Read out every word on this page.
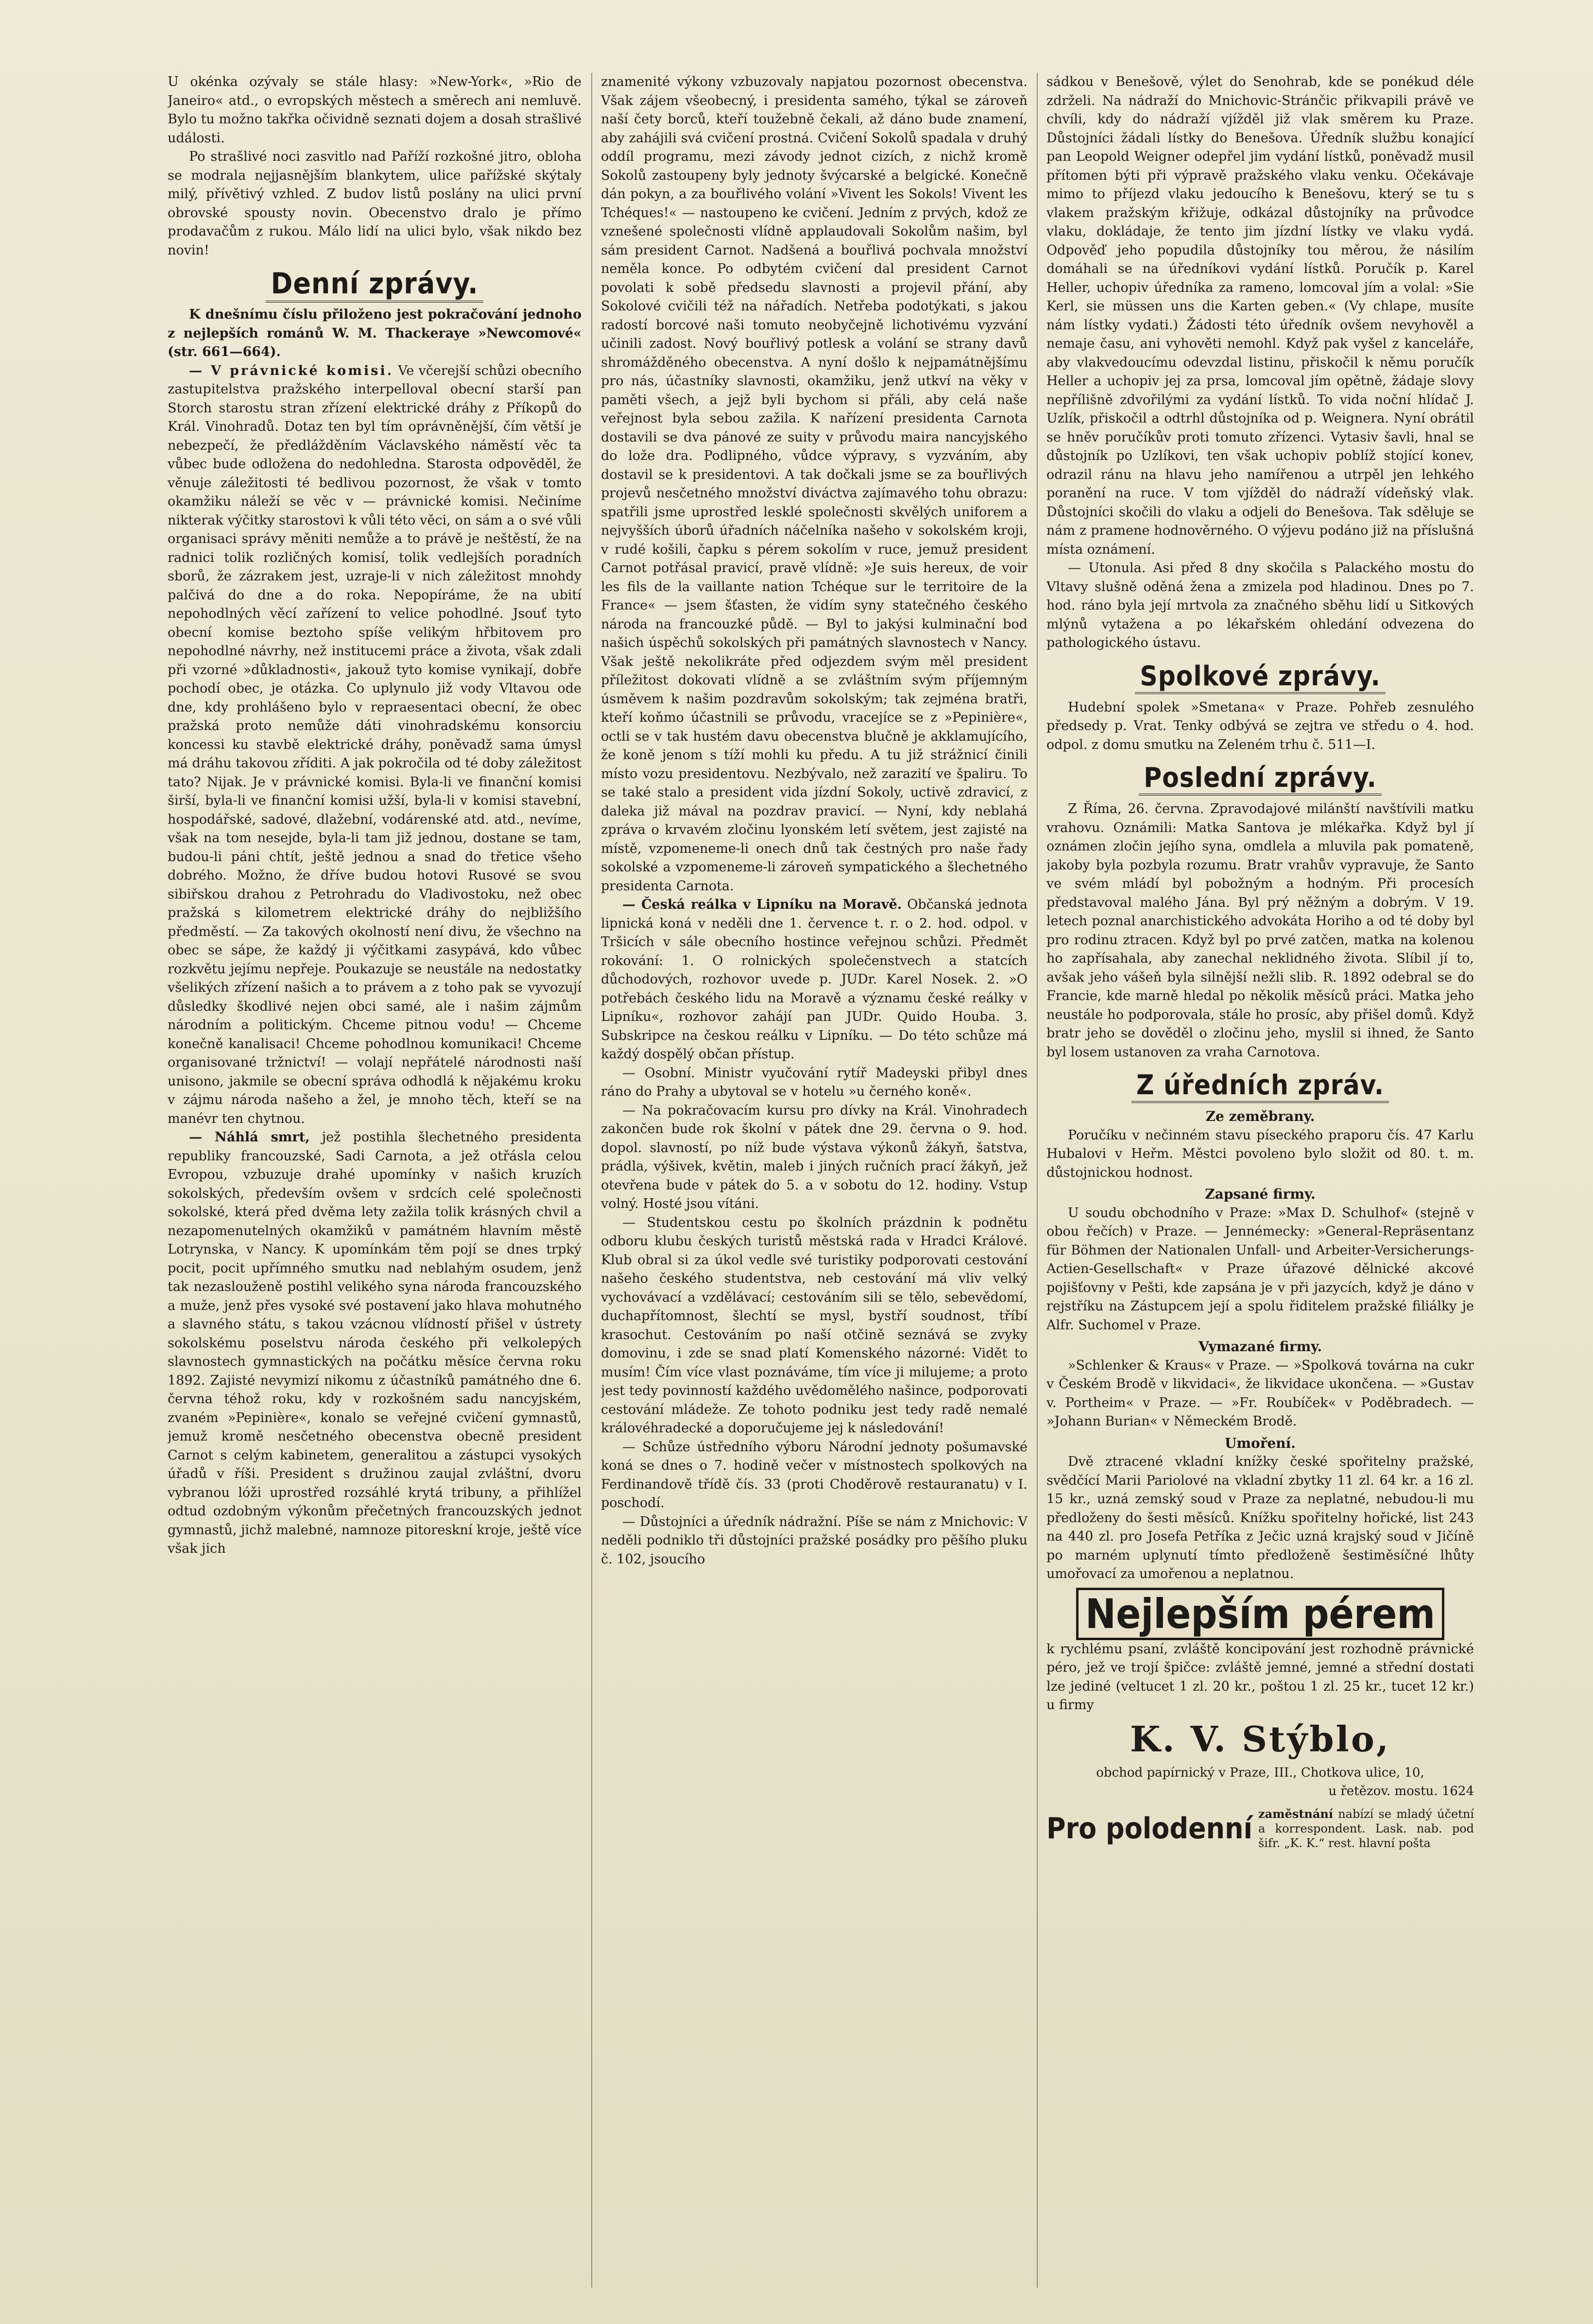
U okénka ozývaly se stále hlasy: »New-York«, »Rio de Janeiro« atd., o evropských městech a směrech ani nemluvě. Bylo tu možno takřka očividně seznati dojem a dosah strašlivé události.

Po strašlivé noci zasvitlo nad Paříží rozkošné jitro, obloha se modrala nejjasnějším blankytem, ulice pařížské skýtaly milý, přívětivý vzhled. Z budov listů poslány na ulici první obrovské spousty novin. Obecenstvo dralo je přímo prodavačům z rukou. Málo lidí na ulici bylo, však nikdo bez novin!

Denní zprávy.

K dnešnímu číslu přiloženo jest pokračování jednoho z nejlepších románů W. M. Thackeraye »Newcomové« (str. 661—664).

— V právnické komisi. Ve včerejší schůzi obecního zastupitelstva pražského interpelloval obecní starší pan Storch starostu stran zřízení elektrické dráhy z Příkopů do Král. Vinohradů. Dotaz ten byl tím oprávněnější, čím větší je nebezpečí, že předlážděním Václavského náměstí věc ta vůbec bude odložena do nedohledna. Starosta odpověděl, že věnuje záležitosti té bedlivou pozornost, že však v tomto okamžiku náleží se věc v — právnické komisi. Nečiníme nikterak výčitky starostovi k vůli této věci, on sám a o své vůli organisaci správy měniti nemůže a to právě je neštěstí, že na radnici tolik rozličných komisí, tolik vedlejších poradních sborů, že zázrakem jest, uzraje-li v nich záležitost mnohdy palčivá do dne a do roka. Nepopíráme, že na ubití nepohodlných věcí zařízení to velice pohodlné. Jsouť tyto obecní komise beztoho spíše velikým hřbitovem pro nepohodlné návrhy, než institucemi práce a života, však zdali při vzorné »důkladnosti«, jakouž tyto komise vynikají, dobře pochodí obec, je otázka. Co uplynulo již vody Vltavou ode dne, kdy prohlášeno bylo v repraesentaci obecní, že obec pražská proto nemůže dáti vinohradskému konsorciu koncessi ku stavbě elektrické dráhy, poněvadž sama úmysl má dráhu takovou zříditi. A jak pokročila od té doby záležitost tato? Nijak. Je v právnické komisi. Byla-li ve finanční komisi širší, byla-li ve finanční komisi užší, byla-li v komisi stavební, hospodářské, sadové, dlažební, vodárenské atd. atd., nevíme, však na tom nesejde, byla-li tam již jednou, dostane se tam, budou-li páni chtít, ještě jednou a snad do třetice všeho dobrého. Možno, že dříve budou hotovi Rusové se svou sibiřskou drahou z Petrohradu do Vladivostoku, než obec pražská s kilometrem elektrické dráhy do nejbližšího předměstí. — Za takových okolností není divu, že všechno na obec se sápe, že každý ji výčitkami zasypává, kdo vůbec rozkvětu jejímu nepřeje. Poukazuje se neustále na nedostatky všelikých zřízení našich a to právem a z toho pak se vyvozují důsledky škodlivé nejen obci samé, ale i našim zájmům národním a politickým. Chceme pitnou vodu! — Chceme konečně kanalisaci! Chceme pohodlnou komunikaci! Chceme organisované tržnictví! — volají nepřátelé národnosti naší unisono, jakmile se obecní správa odhodlá k nějakému kroku v zájmu národa našeho a žel, je mnoho těch, kteří se na manévr ten chytnou.

— Náhlá smrt, jež postihla šlechetného presidenta republiky francouzské, Sadi Carnota, a jež otřásla celou Evropou, vzbuzuje drahé upomínky v našich kruzích sokolských, především ovšem v srdcích celé společnosti sokolské, která před dvěma lety zažila tolik krásných chvil a nezapomenutelných okamžiků v památném hlavním městě Lotrynska, v Nancy. K upomínkám těm pojí se dnes trpký pocit, pocit upřímného smutku nad neblahým osudem, jenž tak nezaslouženě postihl velikého syna národa francouzského a muže, jenž přes vysoké své postavení jako hlava mohutného a slavného státu, s takou vzácnou vlídností přišel v ústrety sokolskému poselstvu národa českého při velkolepých slavnostech gymnastických na počátku měsíce června roku 1892. Zajisté nevymizí nikomu z účastníků památného dne 6. června téhož roku, kdy v rozkošném sadu nancyjském, zvaném »Pepinière«, konalo se veřejné cvičení gymnastů, jemuž kromě nesčetného obecenstva obecně president Carnot s celým kabinetem, generalitou a zástupci vysokých úřadů v říši. President s družinou zaujal zvláštní, dvoru vybranou lóži uprostřed rozsáhlé krytá tribuny, a přihlížel odtud ozdobným výkonům přečetných francouzských jednot gymnastů, jichž malebné, namnoze pitoreskní kroje, ještě více však jich

znamenité výkony vzbuzovaly napjatou pozornost obecenstva. Však zájem všeobecný, i presidenta samého, týkal se zároveň naší čety borců, kteří toužebně čekali, až dáno bude znamení, aby zahájili svá cvičení prostná. Cvičení Sokolů spadala v druhý oddíl programu, mezi závody jednot cizích, z nichž kromě Sokolů zastoupeny byly jednoty švýcarské a belgické. Konečně dán pokyn, a za bouřlivého volání »Vivent les Sokols! Vivent les Tchéques!« — nastoupeno ke cvičení. Jedním z prvých, kdož ze vznešené společnosti vlídně applaudovali Sokolům našim, byl sám president Carnot. Nadšená a bouřlivá pochvala množství neměla konce. Po odbytém cvičení dal president Carnot povolati k sobě předsedu slavnosti a projevil přání, aby Sokolové cvičili též na nářadích. Netřeba podotýkati, s jakou radostí borcové naši tomuto neobyčejně lichotivému vyzvání učinili zadost. Nový bouřlivý potlesk a volání se strany davů shromážděného obecenstva. A nyní došlo k nejpamátnějšímu pro nás, účastníky slavnosti, okamžiku, jenž utkví na věky v paměti všech, a jejž byli bychom si přáli, aby celá naše veřejnost byla sebou zažila. K nařízení presidenta Carnota dostavili se dva pánové ze suity v průvodu maira nancyjského do lože dra. Podlipného, vůdce výpravy, s vyzváním, aby dostavil se k presidentovi. A tak dočkali jsme se za bouřlivých projevů nesčetného množství diváctva zajímavého tohu obrazu: spatřili jsme uprostřed lesklé společnosti skvělých uniforem a nejvyšších úborů úřadních náčelníka našeho v sokolském kroji, v rudé košili, čapku s pérem sokolím v ruce, jemuž president Carnot potřásal pravicí, pravě vlídně: »Je suis hereux, de voir les fils de la vaillante nation Tchéque sur le territoire de la France« — jsem šťasten, že vidím syny statečného českého národa na francouzké půdě. — Byl to jakýsi kulminační bod našich úspěchů sokolských při památných slavnostech v Nancy. Však ještě nekolikráte před odjezdem svým měl president příležitost dokovati vlídně a se zvláštním svým příjemným úsměvem k našim pozdravům sokolským; tak zejména bratři, kteří koňmo účastnili se průvodu, vracejíce se z »Pepinière«, octli se v tak hustém davu obecenstva blučně je akklamujícího, že koně jenom s tíží mohli ku předu. A tu již strážnicí činili místo vozu presidentovu. Nezbývalo, než zarazití ve špaliru. To se také stalo a president vida jízdní Sokoly, uctivě zdravicí, z daleka již mával na pozdrav pravicí. — Nyní, kdy neblahá zpráva o krvavém zločinu lyonském letí světem, jest zajisté na místě, vzpomeneme-li onech dnů tak čestných pro naše řady sokolské a vzpomeneme-li zároveň sympatického a šlechetného presidenta Carnota.

— Česká reálka v Lipníku na Moravě. Občanská jednota lipnická koná v neděli dne 1. července t. r. o 2. hod. odpol. v Tršicích v sále obecního hostince veřejnou schůzi. Předmět rokování: 1. O rolnických společenstvech a statcích důchodových, rozhovor uvede p. JUDr. Karel Nosek. 2. »O potřebách českého lidu na Moravě a významu české reálky v Lipníku«, rozhovor zahájí pan JUDr. Quido Houba. 3. Subskripce na českou reálku v Lipníku. — Do této schůze má každý dospělý občan přístup.

— Osobní. Ministr vyučování rytíř Madeyski přibyl dnes ráno do Prahy a ubytoval se v hotelu »u černého koně«.

— Na pokračovacím kursu pro dívky na Král. Vinohradech zakončen bude rok školní v pátek dne 29. června o 9. hod. dopol. slavností, po níž bude výstava výkonů žákyň, šatstva, prádla, výšivek, květin, maleb i jiných ručních prací žákyň, jež otevřena bude v pátek do 5. a v sobotu do 12. hodiny. Vstup volný. Hosté jsou vítáni.

— Studentskou cestu po školních prázdnin k podnětu odboru klubu českých turistů městská rada v Hradci Králové. Klub obral si za úkol vedle své turistiky podporovati cestování našeho českého studentstva, neb cestování má vliv velký vychovávací a vzdělávací; cestováním sili se tělo, sebevědomí, duchapřítomnost, šlechtí se mysl, bystří soudnost, tříbí krasochut. Cestováním po naší otčině seznává se zvyky domovinu, i zde se snad platí Komenského názorné: Vidět to musím! Čím více vlast poznáváme, tím více ji milujeme; a proto jest tedy povinností každého uvědomělého našince, podporovati cestování mládeže. Ze tohoto podniku jest tedy radě nemalé královéhradecké a doporučujeme jej k následování!

— Schůze ústředního výboru Národní jednoty pošumavské koná se dnes o 7. hodině večer v místnostech spolkových na Ferdinandově třídě čís. 33 (proti Choděrově restauranatu) v I. poschodí.

— Důstojníci a úředník nádražní. Píše se nám z Mnichovic: V neděli podniklo tři důstojníci pražské posádky pro pěšího pluku č. 102, jsoucího

sádkou v Benešově, výlet do Senohrab, kde se ponékud déle zdrželi. Na nádraží do Mnichovic-Stránčic přikvapili právě ve chvíli, kdy do nádraží vjížděl již vlak směrem ku Praze. Důstojníci žádali lístky do Benešova. Úředník službu konající pan Leopold Weigner odepřel jim vydání lístků, poněvadž musil přítomen býti při výpravě pražského vlaku venku. Očekávaje mimo to příjezd vlaku jedoucího k Benešovu, který se tu s vlakem pražským křižuje, odkázal důstojníky na průvodce vlaku, dokládaje, že tento jim jízdní lístky ve vlaku vydá. Odpověď jeho popudila důstojníky tou měrou, že násilím domáhali se na úředníkovi vydání lístků. Poručík p. Karel Heller, uchopiv úředníka za rameno, lomcoval jím a volal: »Sie Kerl, sie müssen uns die Karten geben.« (Vy chlape, musíte nám lístky vydati.) Žádosti této úředník ovšem nevyhověl a nemaje času, ani vyhověti nemohl. Když pak vyšel z kanceláře, aby vlakvedoucímu odevzdal listinu, přiskočil k němu poručík Heller a uchopiv jej za prsa, lomcoval jím opětně, žádaje slovy nepřílišně zdvořilými za vydání lístků. To vida noční hlídač J. Uzlík, přiskočil a odtrhl důstojníka od p. Weignera. Nyní obrátil se hněv poručíkův proti tomuto zřízenci. Vytasiv šavli, hnal se důstojník po Uzlíkovi, ten však uchopiv poblíž stojící konev, odrazil ránu na hlavu jeho namířenou a utrpěl jen lehkého poranění na ruce. V tom vjížděl do nádraží vídeňský vlak. Důstojníci skočili do vlaku a odjeli do Benešova. Tak sděluje se nám z pramene hodnověrného. O výjevu podáno již na příslušná místa oznámení.

— Utonula. Asi před 8 dny skočila s Palackého mostu do Vltavy slušně oděná žena a zmizela pod hladinou. Dnes po 7. hod. ráno byla její mrtvola za značného sběhu lidí u Sitkových mlýnů vytažena a po lékařském ohledání odvezena do pathologického ústavu.

Spolkové zprávy.

Hudební spolek »Smetana« v Praze. Pohřeb zesnulého předsedy p. Vrat. Tenky odbývá se zejtra ve středu o 4. hod. odpol. z domu smutku na Zeleném trhu č. 511—I.

Poslední zprávy.

Z Říma, 26. června. Zpravodajové milánští navštívili matku vrahovu. Oznámili: Matka Santova je mlékařka. Když byl jí oznámen zločin jejího syna, omdlela a mluvila pak pomateně, jakoby byla pozbyla rozumu. Bratr vrahův vypravuje, že Santo ve svém mládí byl pobožným a hodným. Při procesích představoval malého Jána. Byl prý něžným a dobrým. V 19. letech poznal anarchistického advokáta Horiho a od té doby byl pro rodinu ztracen. Když byl po prvé zatčen, matka na kolenou ho zapřísahala, aby zanechal neklidného života. Slíbil jí to, avšak jeho vášeň byla silnější nežli slib. R. 1892 odebral se do Francie, kde marně hledal po několik měsíců práci. Matka jeho neustále ho podporovala, stále ho prosíc, aby přišel domů. Když bratr jeho se dověděl o zločinu jeho, myslil si ihned, že Santo byl losem ustanoven za vraha Carnotova.

Z úředních zpráv.
Ze zeměbrany.

Poručíku v nečinném stavu píseckého praporu čís. 47 Karlu Hubalovi v Heřm. Městci povoleno bylo složit od 80. t. m. důstojnickou hodnost.

Zapsané firmy.

U soudu obchodního v Praze: »Max D. Schulhof« (stejně v obou řečích) v Praze. — Jennémecky: »General-Repräsentanz für Böhmen der Nationalen Unfall- und Arbeiter-Versicherungs-Actien-Gesellschaft« v Praze úřazové dělnické akcové pojišťovny v Pešti, kde zapsána je v při jazycích, když je dáno v rejstříku na Zástupcem její a spolu řiditelem pražské filiálky je Alfr. Suchomel v Praze.

Vymazané firmy.

»Schlenker & Kraus« v Praze. — »Spolková továrna na cukr v Českém Brodě v likvidaci«, že likvidace ukončena. — »Gustav v. Portheim« v Praze. — »Fr. Roubíček« v Poděbradech. — »Johann Burian« v Německém Brodě.

Umoření.

Dvě ztracené vkladní knížky české spořitelny pražské, svědčící Marii Pariolové na vkladní zbytky 11 zl. 64 kr. a 16 zl. 15 kr., uzná zemský soud v Praze za neplatné, nebudou-li mu předloženy do šesti měsíců. Knížku spořitelny hořické, list 243 na 440 zl. pro Josefa Petříka z Ječic uzná krajský soud v Jičíně po marném uplynutí tímto předloženě šestiměsíčné lhůty umořovací za umořenou a neplatnou.

Nejlepším pérem

k rychlému psaní, zvláště koncipování jest rozhodně právnické péro, jež ve trojí špičce: zvláště jemné, jemné a střední dostati lze jediné (veltucet 1 zl. 20 kr., poštou 1 zl. 25 kr., tucet 12 kr.) u firmy

K. V. Stýblo,
obchod papírnický v Praze, III., Chotkova ulice, 10,
u řetězov. mostu. 1624
Pro polodenní zaměstnání nabízí se mladý účetní a korrespondent. Lask. nab. pod šifr. „K. K.“ rest. hlavní pošta
